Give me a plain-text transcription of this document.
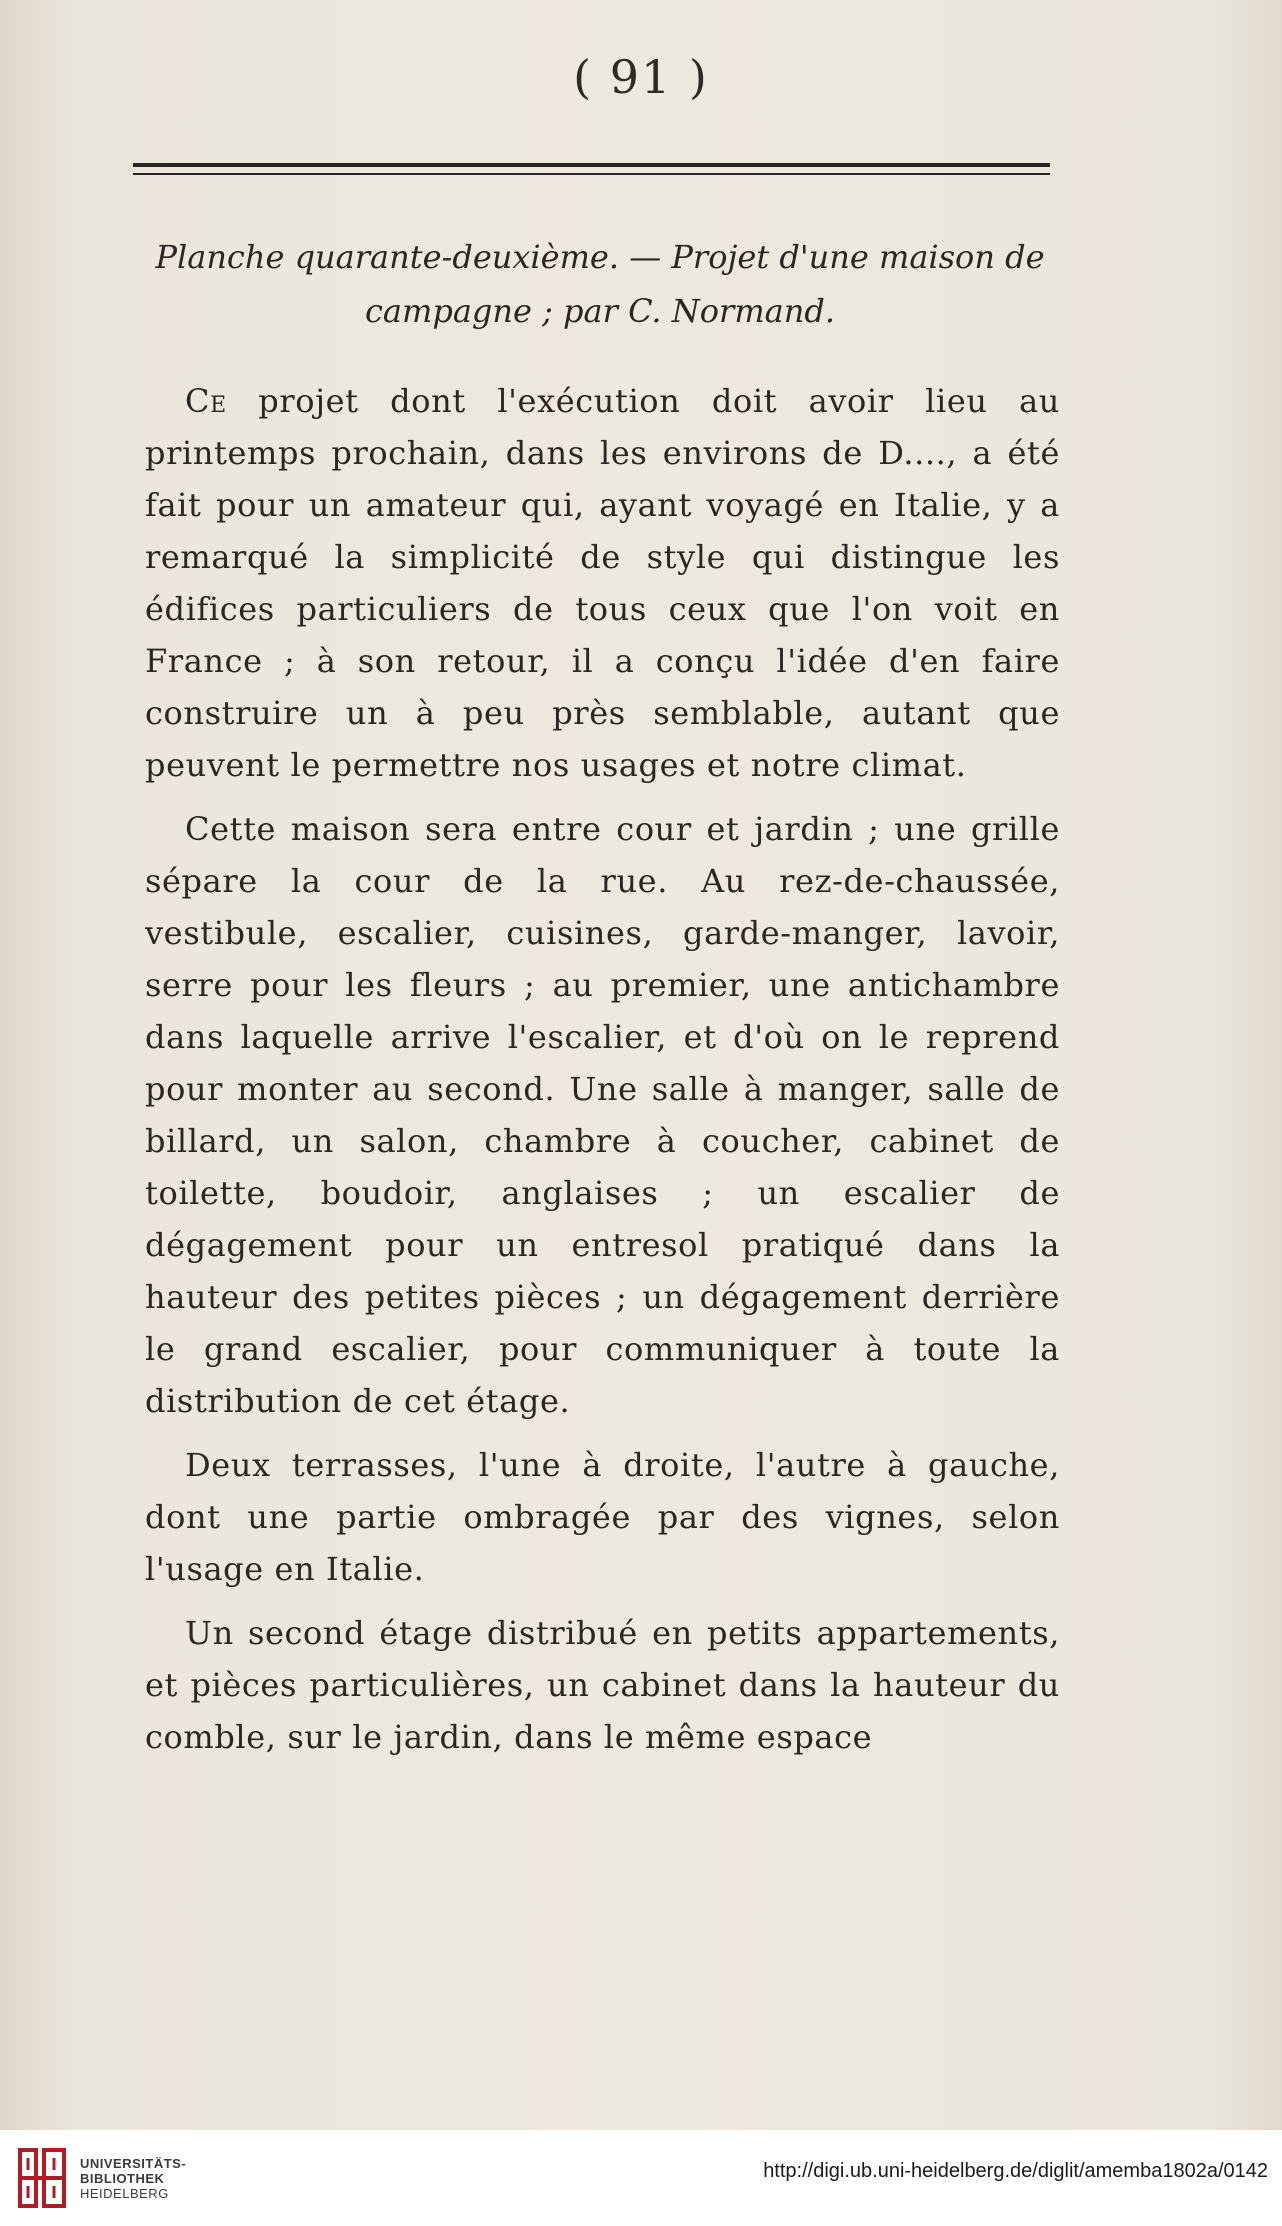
( 91 )
Planche quarante-deuxième. — Projet d'une maison de
campagne ; par C. Normand.

Ce projet dont l'exécution doit avoir lieu au printemps prochain, dans les environs de D...., a été fait pour un amateur qui, ayant voyagé en Italie, y a remarqué la simplicité de style qui distingue les édifices particuliers de tous ceux que l'on voit en France ; à son retour, il a conçu l'idée d'en faire construire un à peu près semblable, autant que peuvent le permettre nos usages et notre climat.

Cette maison sera entre cour et jardin ; une grille sépare la cour de la rue. Au rez-de-chaussée, vestibule, escalier, cuisines, garde-manger, lavoir, serre pour les fleurs ; au premier, une antichambre dans laquelle arrive l'escalier, et d'où on le reprend pour monter au second. Une salle à manger, salle de billard, un salon, chambre à coucher, cabinet de toilette, boudoir, anglaises ; un escalier de dégagement pour un entresol pratiqué dans la hauteur des petites pièces ; un dégagement derrière le grand escalier, pour communiquer à toute la distribution de cet étage.

Deux terrasses, l'une à droite, l'autre à gauche, dont une partie ombragée par des vignes, selon l'usage en Italie.

Un second étage distribué en petits appartements, et pièces particulières, un cabinet dans la hauteur du comble, sur le jardin, dans le même espace

UNIVERSITÄTS-
BIBLIOTHEK
HEIDELBERG
http://digi.ub.uni-heidelberg.de/diglit/amemba1802a/0142
